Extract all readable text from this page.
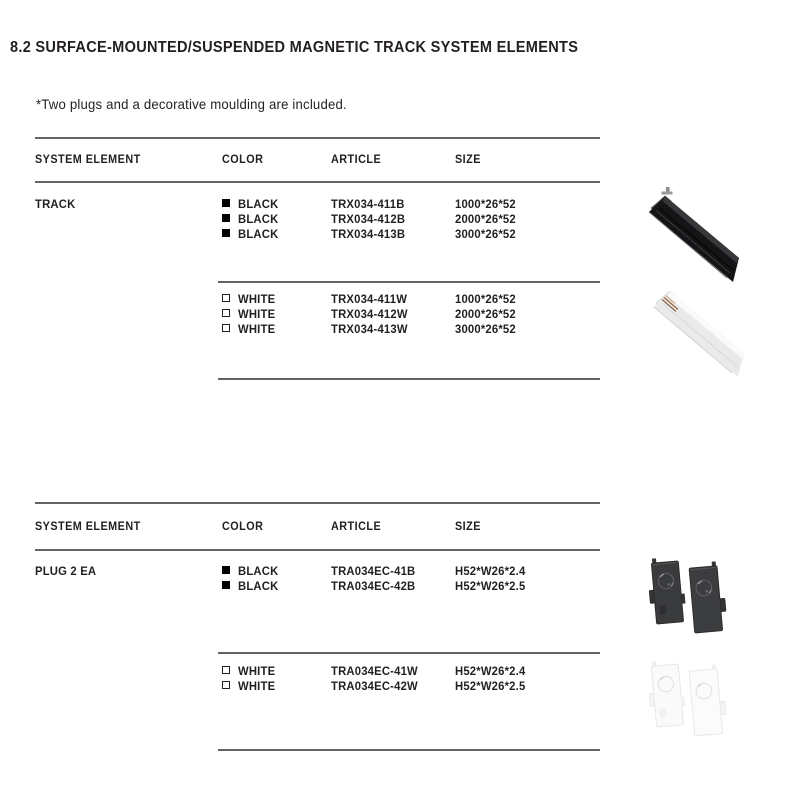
8.2 SURFACE-MOUNTED/SUSPENDED MAGNETIC TRACK SYSTEM ELEMENTS
*Two plugs and a decorative moulding are included.
SYSTEM ELEMENT	COLOR	ARTICLE	SIZE
TRACK	BLACK	TRX034-411B	1000*26*52
BLACK	TRX034-412B	2000*26*52
BLACK	TRX034-413B	3000*26*52
WHITE	TRX034-411W	1000*26*52
WHITE	TRX034-412W	2000*26*52
WHITE	TRX034-413W	3000*26*52
SYSTEM ELEMENT	COLOR	ARTICLE	SIZE
PLUG 2 EA	BLACK	TRA034EC-41B	H52*W26*2.4
BLACK	TRA034EC-42B	H52*W26*2.5
WHITE	TRA034EC-41W	H52*W26*2.4
WHITE	TRA034EC-42W	H52*W26*2.5
